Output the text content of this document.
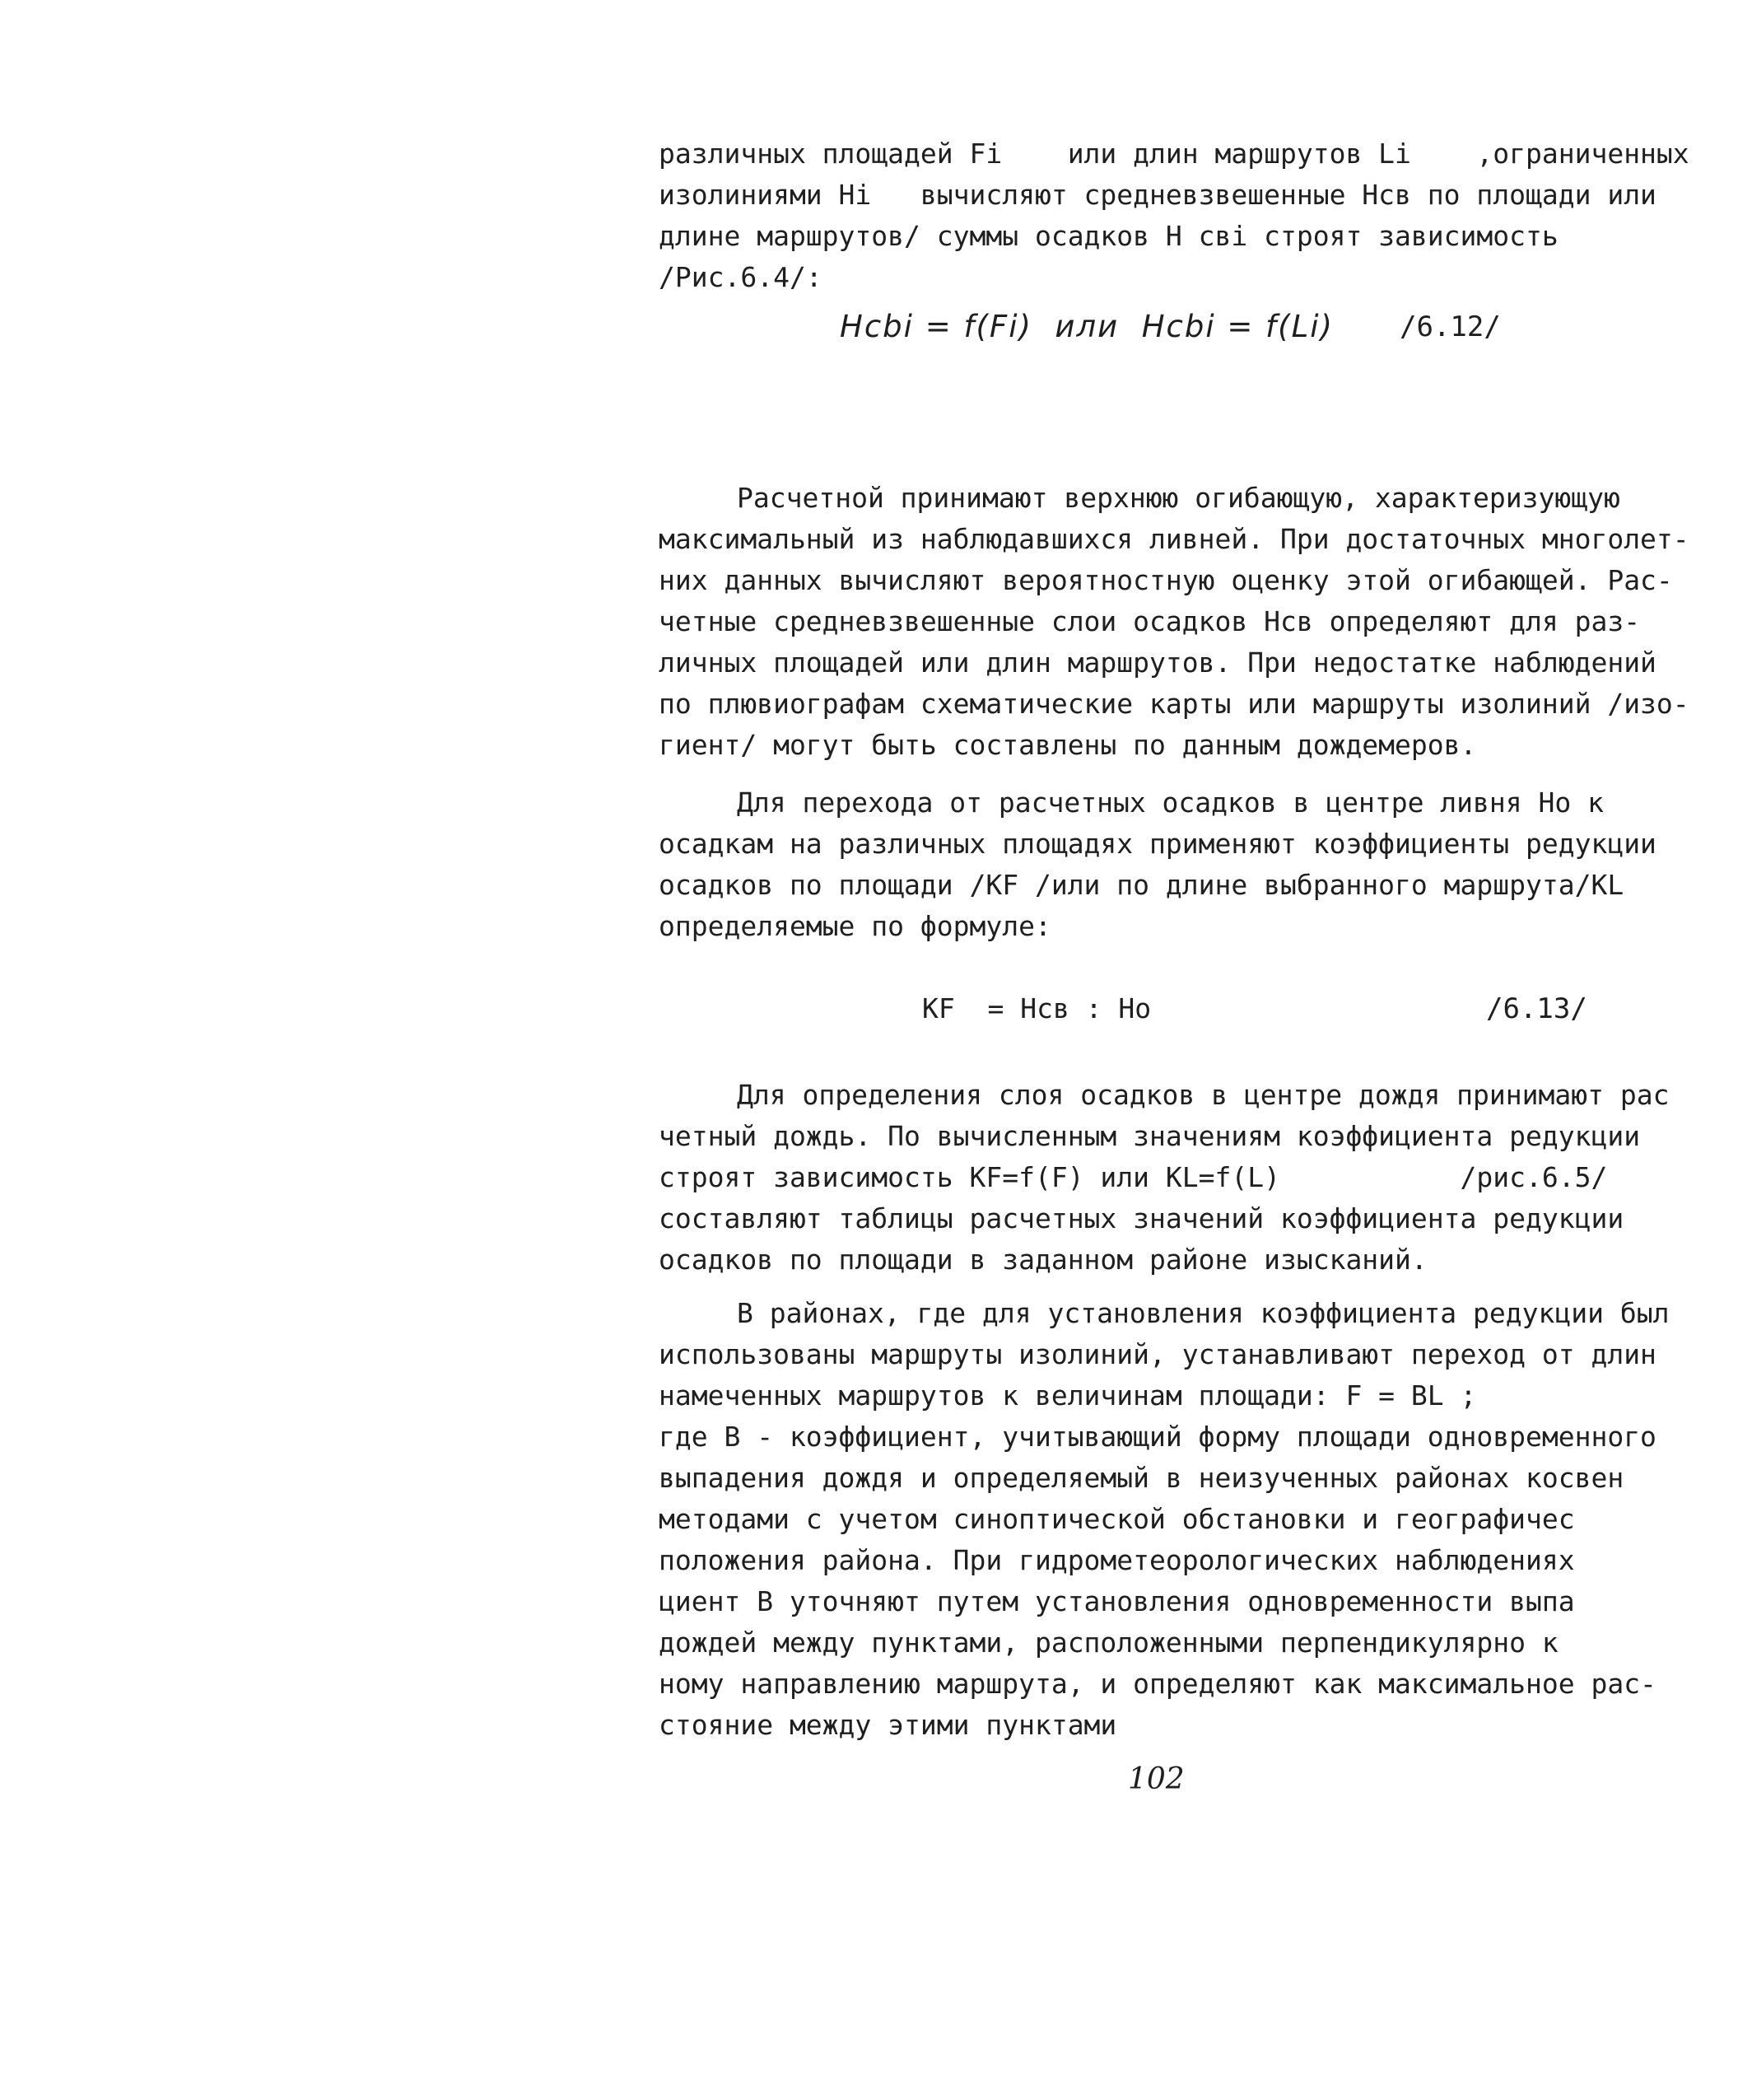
различных площадей Fi    или длин маршрутов Li    ,ограниченных
изолиниями Hi   вычисляют средневзвешенные Hсв по площади или
длине маршрутов/ суммы осадков H свi строят зависимость
/Рис.6.4/:
Hcbi = f(Fi)  или  Hcbi = f(Li) /6.12/
Расчетной принимают верхнюю огибающую, характеризующую
максимальный из наблюдавшихся ливней. При достаточных многолет-
них данных вычисляют вероятностную оценку этой огибающей. Рас-
четные средневзвешенные слои осадков Hсв определяют для раз-
личных площадей или длин маршрутов. При недостатке наблюдений
по плювиографам схематические карты или маршруты изолиний /изо-
гиент/ могут быть составлены по данным дождемеров.
Для перехода от расчетных осадков в центре ливня Hо к
осадкам на различных площадях применяют коэффициенты редукции
осадков по площади /KF /или по длине выбранного маршрута/KL
определяемые по формуле:
KF  = Hсв : Hо	/6.13/
Для определения слоя осадков в центре дождя принимают рас
четный дождь. По вычисленным значениям коэффициента редукции
строят зависимость KF=f(F) или KL=f(L)           /рис.6.5/
составляют таблицы расчетных значений коэффициента редукции
осадков по площади в заданном районе изысканий.
В районах, где для установления коэффициента редукции был
использованы маршруты изолиний, устанавливают переход от длин
намеченных маршрутов к величинам площади: F = BL ;
где B - коэффициент, учитывающий форму площади одновременного
выпадения дождя и определяемый в неизученных районах косвен
методами с учетом синоптической обстановки и географичес
положения района. При гидрометеорологических наблюдениях
циент B уточняют путем установления одновременности выпа
дождей между пунктами, расположенными перпендикулярно к
ному направлению маршрута, и определяют как максимальное рас-
стояние между этими пунктами
102
